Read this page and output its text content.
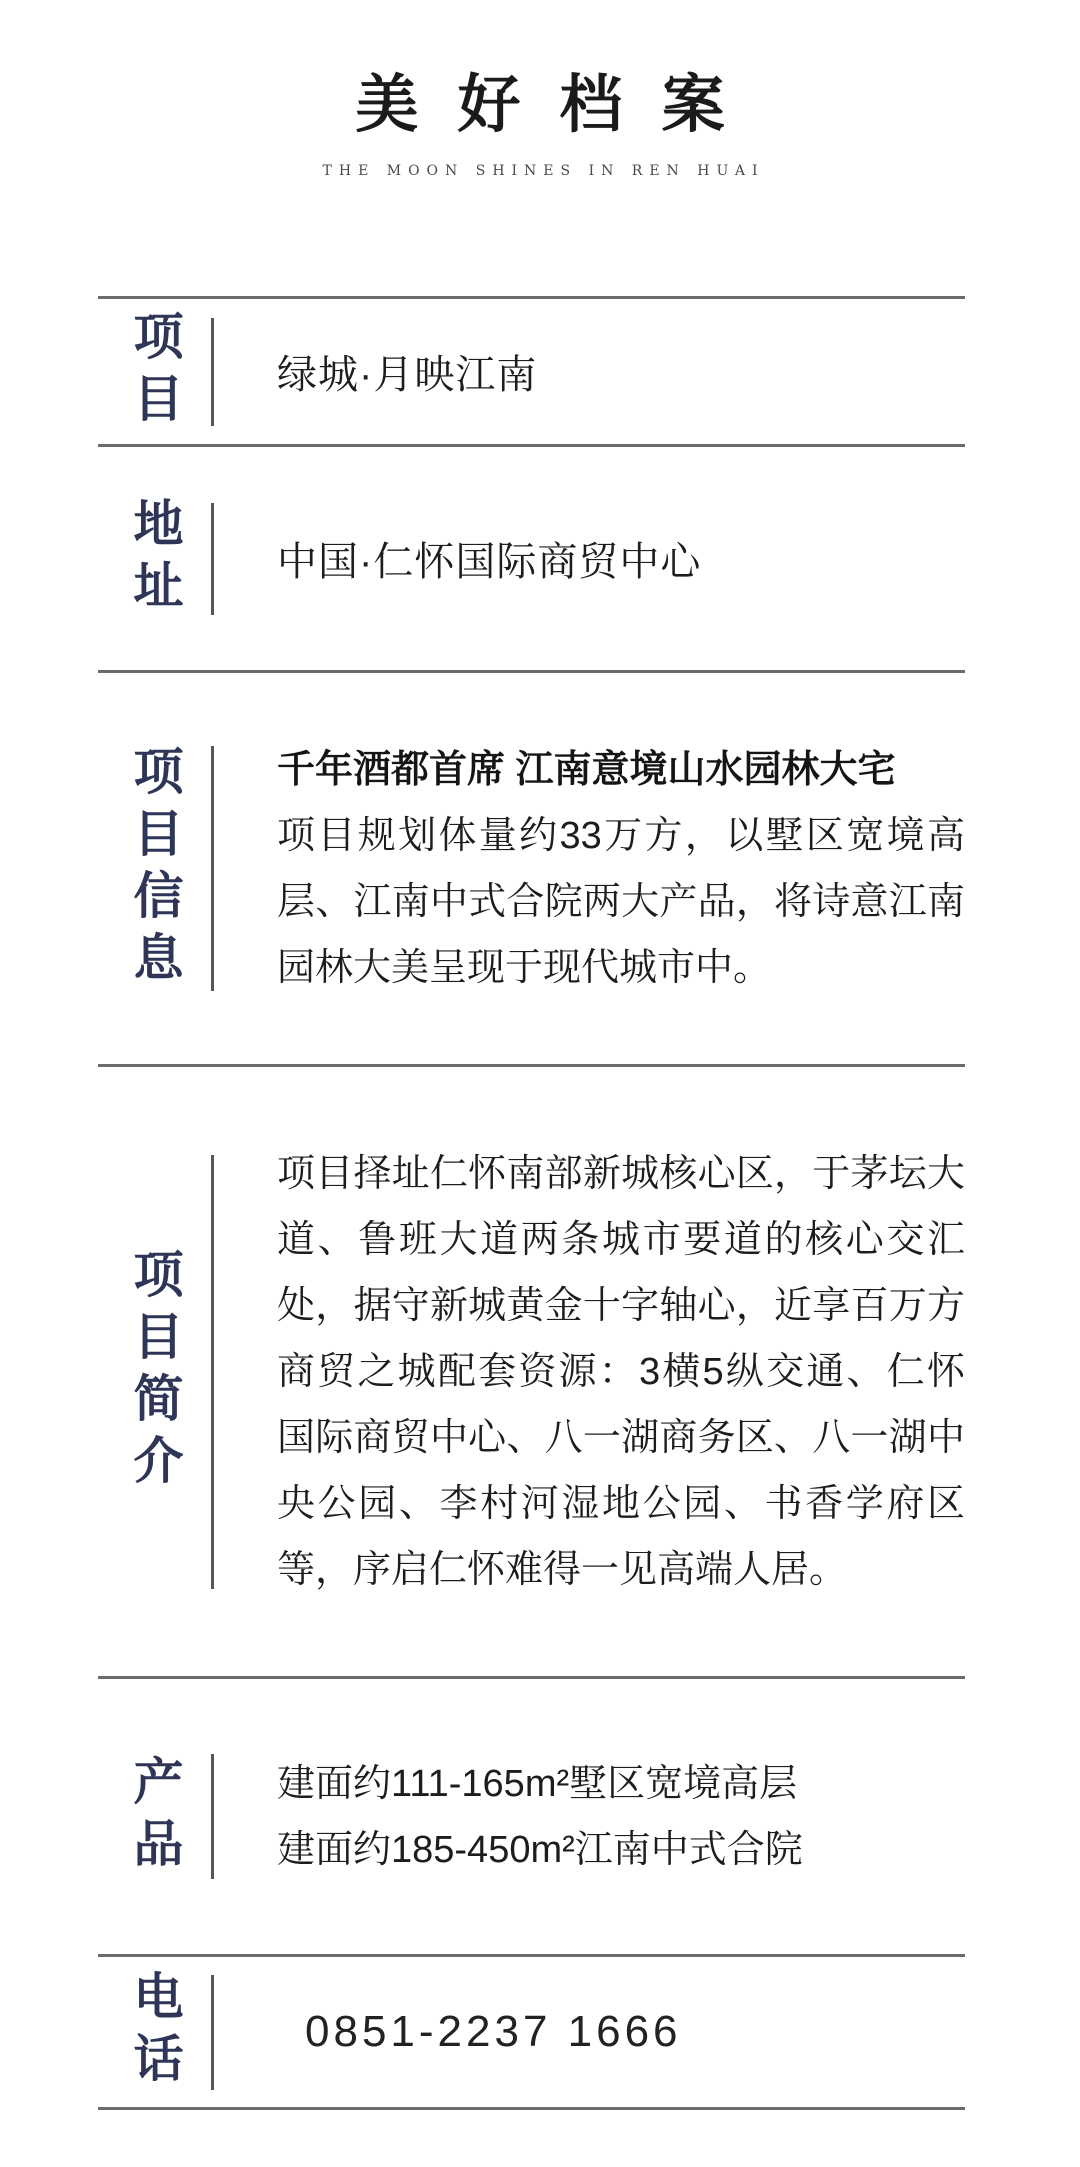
美好档案
THE MOON SHINES IN REN HUAI
项目 绿城·月映江南
地址 中国·仁怀国际商贸中心
项目信息 千年酒都首席 江南意境山水园林大宅
项目规划体量约33万方，以墅区宽境高层、江南中式合院两大产品，将诗意江南园林大美呈现于现代城市中。
项目简介
项目择址仁怀南部新城核心区，于茅坛大道、鲁班大道两条城市要道的核心交汇处，据守新城黄金十字轴心，近享百万方商贸之城配套资源：3横5纵交通、仁怀国际商贸中心、八一湖商务区、八一湖中央公园、李村河湿地公园、书香学府区等，序启仁怀难得一见高端人居。
产品 建面约111-165m²墅区宽境高层
建面约185-450m²江南中式合院
电话	0851-2237 1666
